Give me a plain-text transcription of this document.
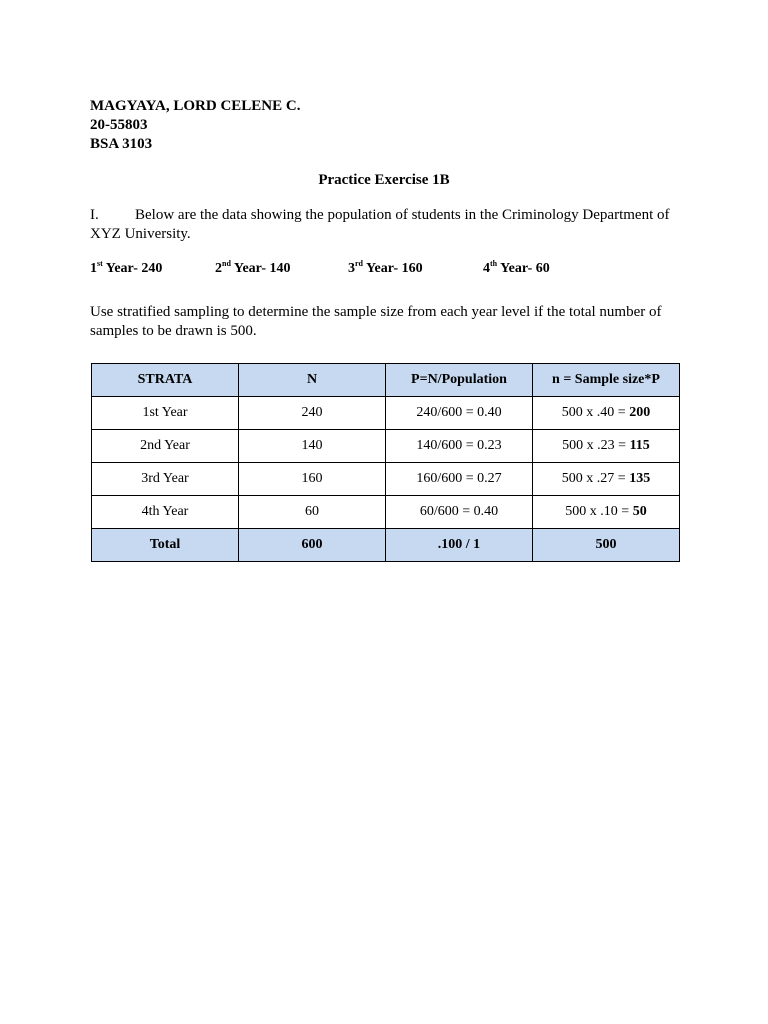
MAGYAYA, LORD CELENE C.
20-55803
BSA 3103
Practice Exercise 1B
I. Below are the data showing the population of students in the Criminology Department of XYZ University.
1st Year- 240	2nd Year- 140	3rd Year- 160	4th Year- 60
Use stratified sampling to determine the sample size from each year level if the total number of samples to be drawn is 500.
STRATA	N	P=N/Population	n = Sample size*P
1st Year	240	240/600 = 0.40	500 x .40 = 200
2nd Year	140	140/600 = 0.23	500 x .23 = 115
3rd Year	160	160/600 = 0.27	500 x .27 = 135
4th Year	60	60/600 = 0.40	500 x .10 = 50
Total	600	.100 / 1	500
